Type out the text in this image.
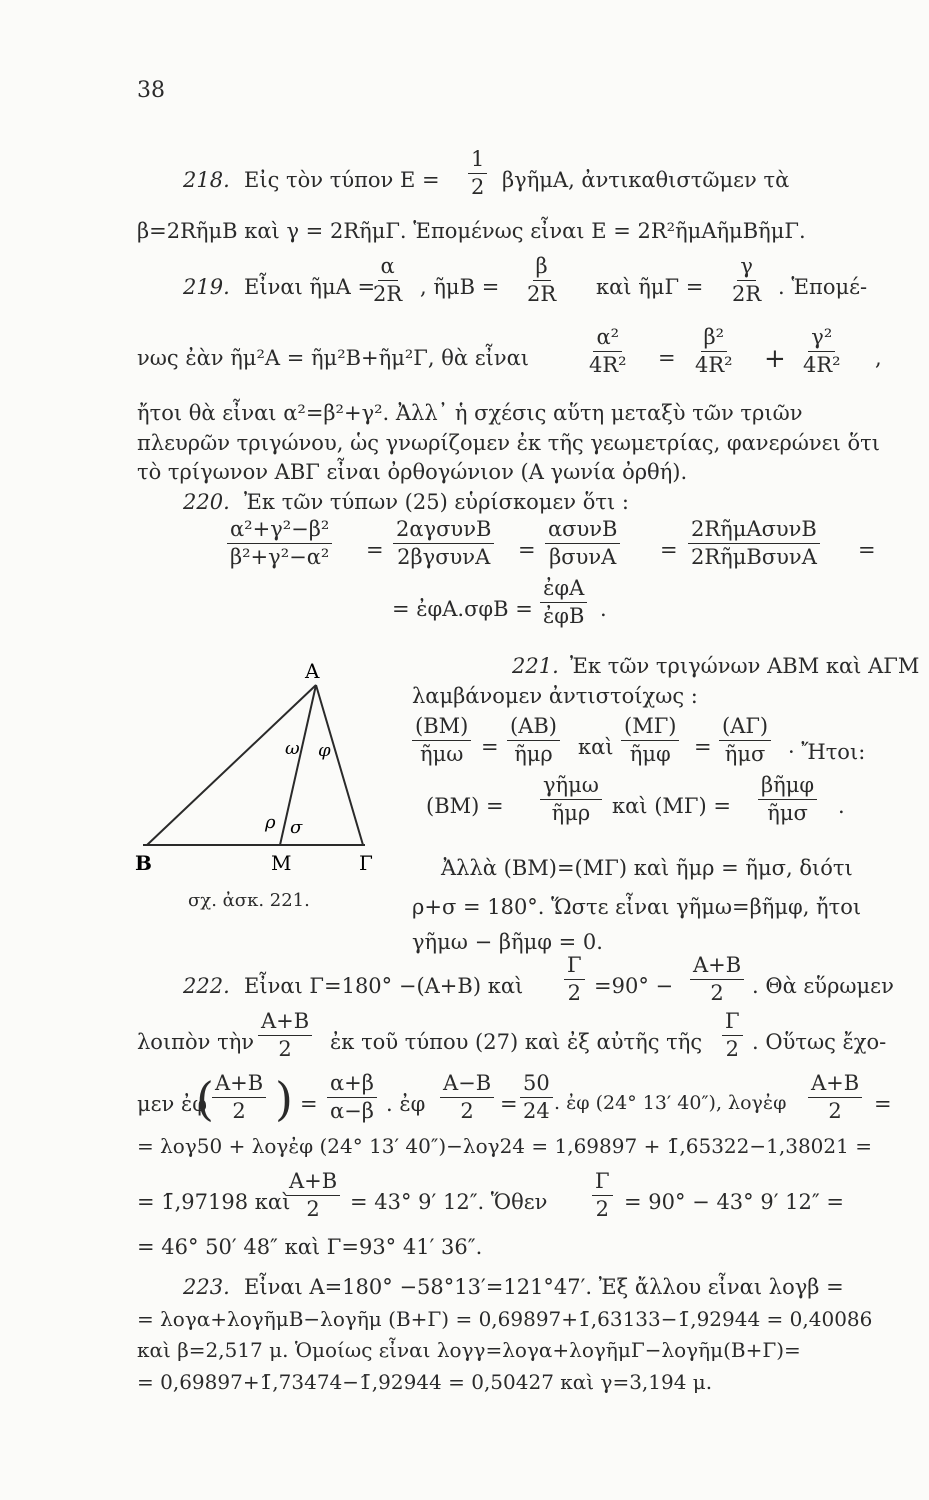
38
218. Εἰς τὸν τύπον $E = \frac{1}{2}$ βγῆμΑ, ἀντικαθιστῶμεν τὰ
β=2RῆμΒ καὶ γ = 2RῆμΓ. Ἑπομένως εἶναι Ε = 2R²ῆμΑῆμΒῆμΓ.
219. Εἶναι ῆμΑ =
$\frac{\alpha}{2R}$ , ῆμΒ = $\frac{\beta}{2R}$ καὶ ῆμΓ = $\frac{\gamma}{2R}$ . Ἑπομέ-
νως ἐὰν ῆμ²Α = ῆμ²Β+ῆμ²Γ, θὰ εἶναι	$\frac{\text{α²}}{\text{4R²}} = \frac{\text{β²}}{\text{4R²}} + \frac{\text{γ²}}{\text{4R²}}$ ,
ἤτοι θὰ εἶναι α²=β²+γ². Ἀλλ᾿ ἡ σχέσις αὕτη μεταξὺ τῶν τριῶν
πλευρῶν τριγώνου, ὡς γνωρίζομεν ἐκ τῆς γεωμετρίας, φανερώνει ὅτι
τὸ τρίγωνον ΑΒΓ εἶναι ὀρθογώνιον (Α γωνία ὀρθή).
220. Ἐκ τῶν τύπων (25) εὑρίσκομεν ὅτι :
$\frac{\text{α²+γ²−β²}}{\text{β²+γ²−α²}}$ =
2αγσυνΒ
2βγσυνΑ =
ασυνΒ
βσυνΑ =
2RῆμΑσυνΒ
2RῆμΒσυνΑ =
= ἐφΑ.σφΒ =
ἐφΑ
ἐφΒ .
Α
Β	Μ	Γ
ω φ
ρ σ
σχ. ἀσκ. 221.
221. Ἐκ τῶν τριγώνων ΑΒΜ καὶ ΑΓΜ
λαμβάνομεν ἀντιστοίχως :
(ΒΜ)
ῆμω =
(ΑΒ)
ῆμρ καὶ
(ΜΓ)
ῆμφ =
(ΑΓ)
ῆμσ · Ἤτοι:
(ΒΜ) =
γῆμω
ῆμρ καὶ (ΜΓ) =
βῆμφ
ῆμσ .
Ἀλλὰ (ΒΜ)=(ΜΓ) καὶ ῆμρ = ῆμσ, διότι
ρ+σ = 180°. Ὥστε εἶναι γῆμω=βῆμφ, ἤτοι
γῆμω − βῆμφ = 0.
222. Εἶναι Γ=180° −(Α+Β) καὶ $\frac{\Gamma}{2} =90^\circ - \frac{A+B}{2}$ . Θὰ εὕρωμεν
λοιπὸν τὴν $\frac{A+B}{2}$ ἐκ τοῦ τύπου (27) καὶ ἐξ αὐτῆς τῆς $\frac{\Gamma}{2}$ . Οὕτως ἔχο-
μεν ἐφ
(
$\frac{A+B}{2}$ ) = $\frac{\alpha+\beta}{\alpha-\beta}$ . ἐφ $\frac{A-B}{2} = \frac{50}{24}$ . ἐφ (24° 13′ 40″), λογἐφ $\frac{A+B}{2}$ =
= λογ50 + λογἐφ (24° 13′ 40″)−λογ24 = 1,69897 + 1̄,65322−1,38021 =
= 1̄,97198 καὶ
$\frac{A+B}{2} = 43^\circ$ 9′ 12″. Ὅθεν $\frac{\Gamma}{2} = 90^\circ - 43^\circ$ 9′ 12″ =
= 46° 50′ 48″ καὶ Γ=93° 41′ 36″.
223. Εἶναι Α=180° −58°13′=121°47′. Ἐξ ἄλλου εἶναι λογβ =
= λογα+λογῆμΒ−λογῆμ (Β+Γ) = 0,69897+1̄,63133−1̄,92944 = 0,40086
καὶ β=2,517 μ. Ὁμοίως εἶναι λογγ=λογα+λογῆμΓ−λογῆμ(Β+Γ)=
= 0,69897+1̄,73474−1̄,92944 = 0,50427 καὶ γ=3,194 μ.
